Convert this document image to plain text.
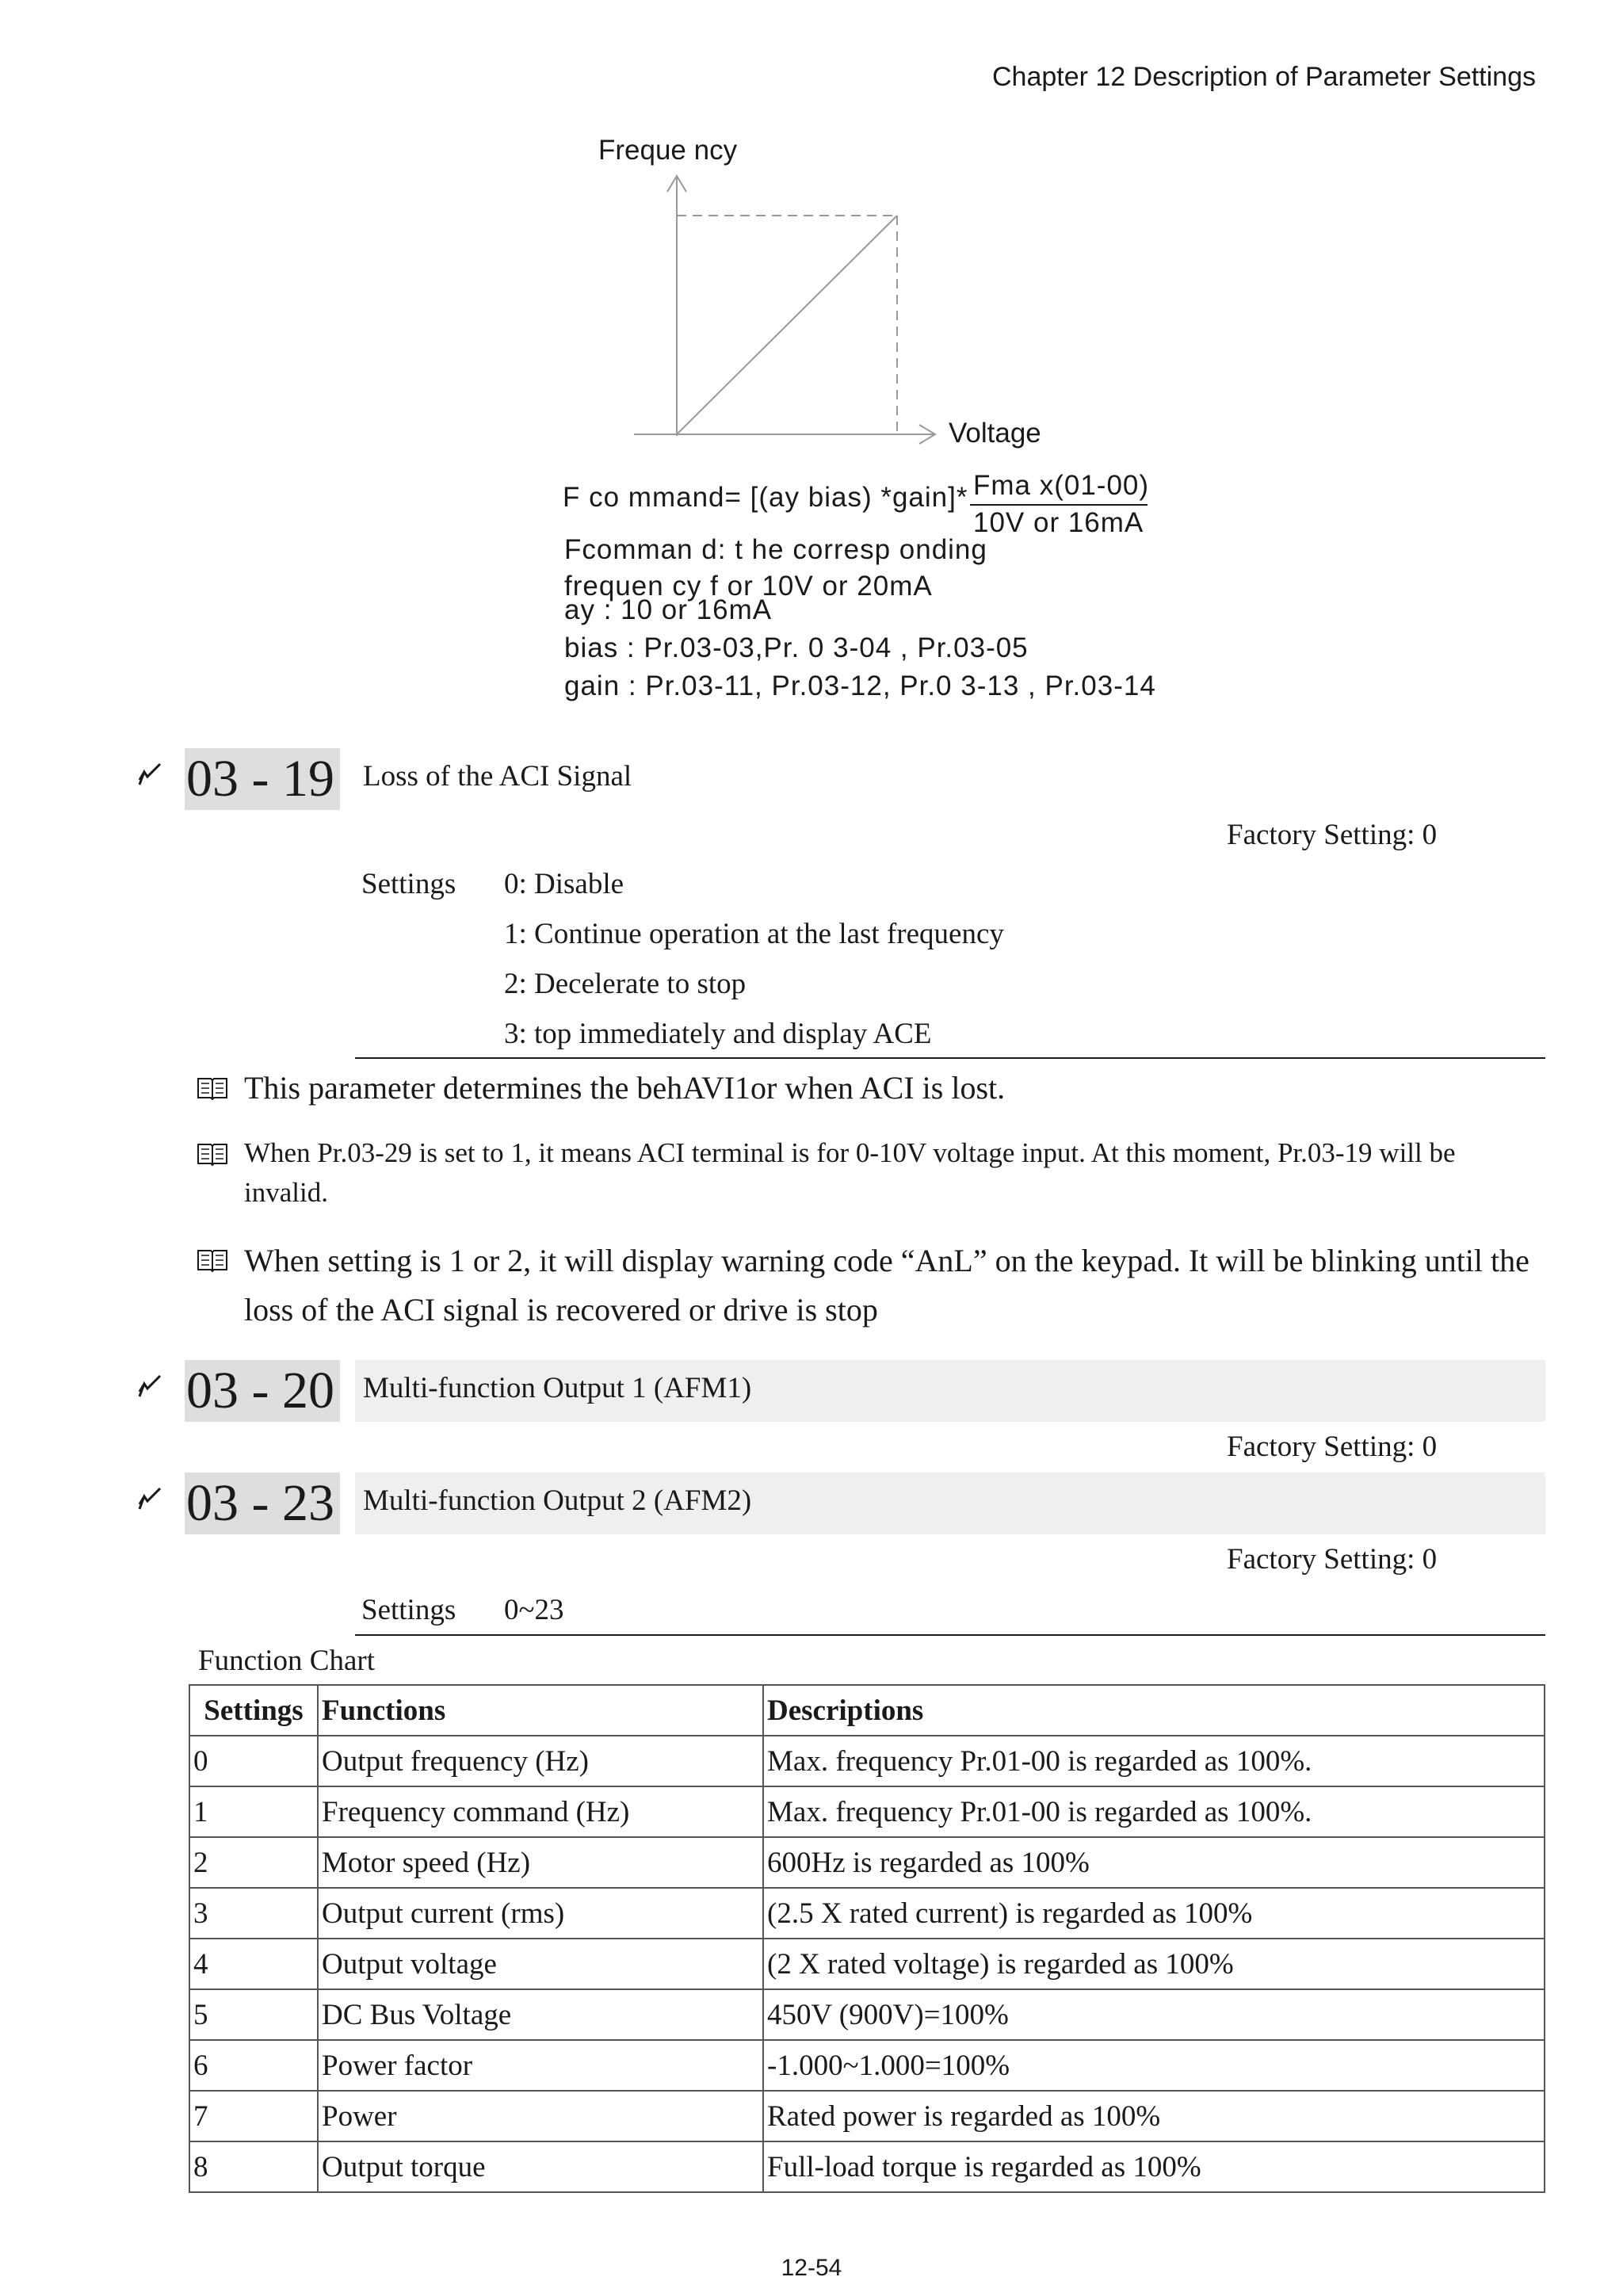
Chapter 12 Description of Parameter Settings
Freque ncy
Voltage
F co mmand= [(ay bias) *gain]* Fma x(01-00)
10V or 16mA
Fcomman d: t he corresp onding
frequen cy f or 10V or 20mA
ay : 10 or 16mA
bias : Pr.03-03,Pr. 0 3-04 , Pr.03-05
gain : Pr.03-11, Pr.03-12, Pr.0 3-13 , Pr.03-14
03 - 19 Loss of the ACI Signal
Factory Setting: 0
Settings 0: Disable
1: Continue operation at the last frequency
2: Decelerate to stop
3: top immediately and display ACE
This parameter determines the behAVI1or when ACI is lost.
When Pr.03-29 is set to 1, it means ACI terminal is for 0-10V voltage input. At this moment, Pr.03-19 will be invalid.
When setting is 1 or 2, it will display warning code “AnL” on the keypad. It will be blinking until the loss of the ACI signal is recovered or drive is stop
03 - 20 Multi-function Output 1 (AFM1)
Factory Setting: 0
03 - 23 Multi-function Output 2 (AFM2)
Factory Setting: 0
Settings 0~23
Function Chart
Settings	Functions	Descriptions
0	Output frequency (Hz)	Max. frequency Pr.01-00 is regarded as 100%.
1	Frequency command (Hz)	Max. frequency Pr.01-00 is regarded as 100%.
2	Motor speed (Hz)	600Hz is regarded as 100%
3	Output current (rms)	(2.5 X rated current) is regarded as 100%
4	Output voltage	(2 X rated voltage) is regarded as 100%
5	DC Bus Voltage	450V (900V)=100%
6	Power factor	-1.000~1.000=100%
7	Power	Rated power is regarded as 100%
8	Output torque	Full-load torque is regarded as 100%
12-54
